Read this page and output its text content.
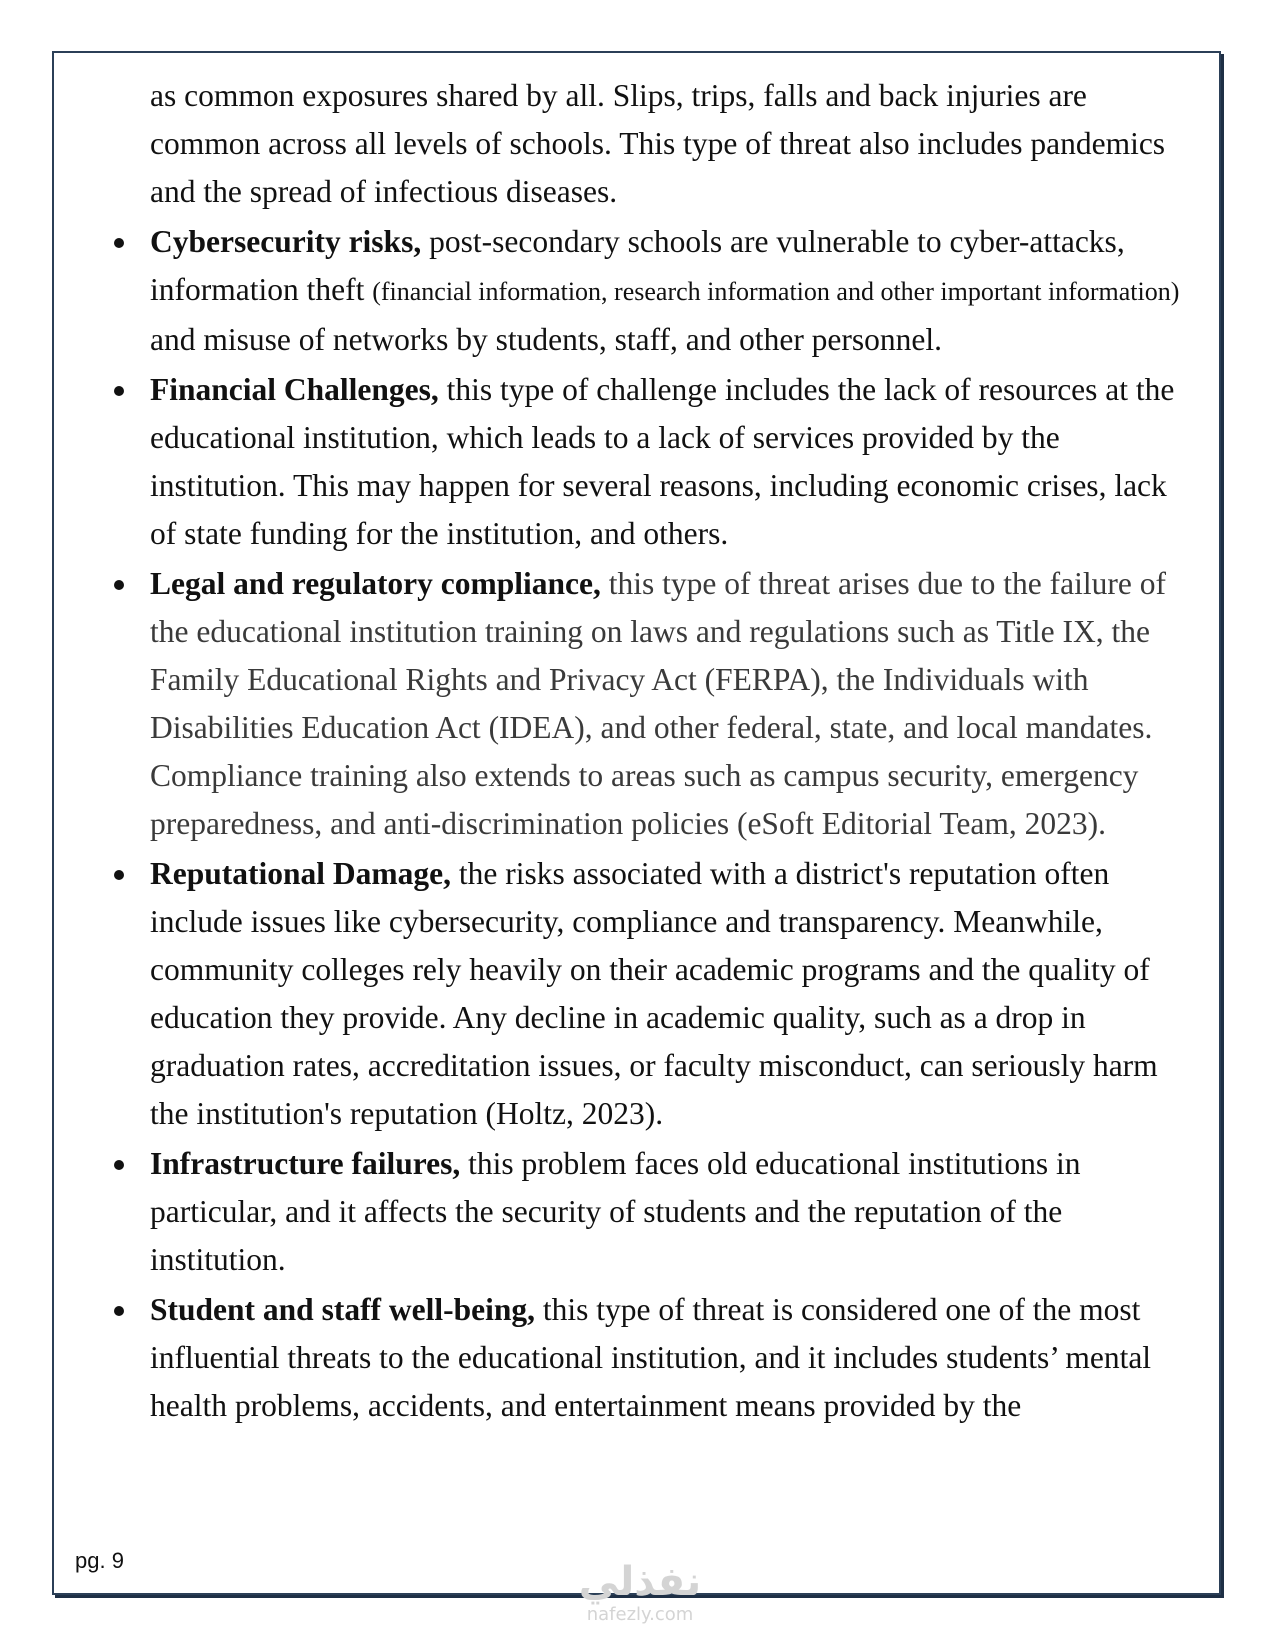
as common exposures shared by all. Slips, trips, falls and back injuries are common across all levels of schools. This type of threat also includes pandemics and the spread of infectious diseases.

Cybersecurity risks, post-secondary schools are vulnerable to cyber-attacks, information theft (financial information, research information and other important information) and misuse of networks by students, staff, and other personnel.
Financial Challenges, this type of challenge includes the lack of resources at the educational institution, which leads to a lack of services provided by the institution. This may happen for several reasons, including economic crises, lack of state funding for the institution, and others.
Legal and regulatory compliance, this type of threat arises due to the failure of the educational institution training on laws and regulations such as Title IX, the Family Educational Rights and Privacy Act (FERPA), the Individuals with Disabilities Education Act (IDEA), and other federal, state, and local mandates. Compliance training also extends to areas such as campus security, emergency preparedness, and anti-discrimination policies (eSoft Editorial Team, 2023).
Reputational Damage, the risks associated with a district's reputation often include issues like cybersecurity, compliance and transparency. Meanwhile, community colleges rely heavily on their academic programs and the quality of education they provide. Any decline in academic quality, such as a drop in graduation rates, accreditation issues, or faculty misconduct, can seriously harm the institution's reputation (Holtz, 2023).
Infrastructure failures, this problem faces old educational institutions in particular, and it affects the security of students and the reputation of the institution.
Student and staff well-being, this type of threat is considered one of the most influential threats to the educational institution, and it includes students’ mental health problems, accidents, and entertainment means provided by the
pg. 9	نفذلي
nafezly.com
